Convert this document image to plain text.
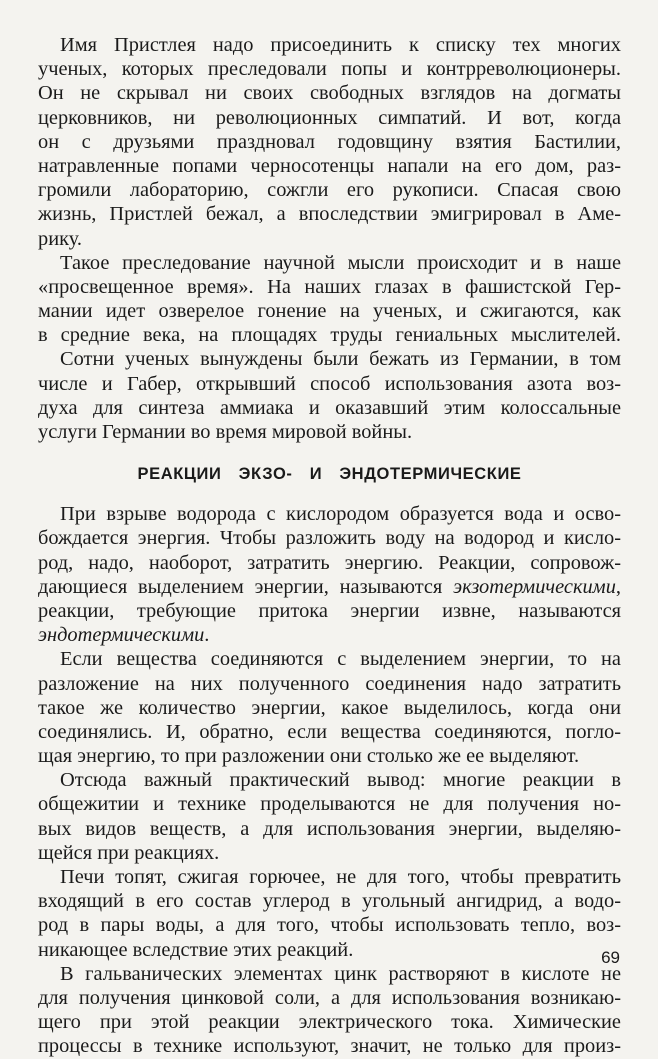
Имя Пристлея надо присоединить к списку тех многих
ученых, которых преследовали попы и контрреволюционеры.
Он не скрывал ни своих свободных взглядов на догматы
церковников, ни революционных симпатий. И вот, когда
он с друзьями праздновал годовщину взятия Бастилии,
натравленные попами черносотенцы напали на его дом, раз-
громили лабораторию, сожгли его рукописи. Спасая свою
жизнь, Пристлей бежал, а впоследствии эмигрировал в Аме-
рику.
Такое преследование научной мысли происходит и в наше
«просвещенное время». На наших глазах в фашистской Гер-
мании идет озверелое гонение на ученых, и сжигаются, как
в средние века, на площадях труды гениальных мыслителей.
Сотни ученых вынуждены были бежать из Германии, в том
числе и Габер, открывший способ использования азота воз-
духа для синтеза аммиака и оказавший этим колоссальные
услуги Германии во время мировой войны.
РЕАКЦИИ ЭКЗО- И ЭНДОТЕРМИЧЕСКИЕ
При взрыве водорода с кислородом образуется вода и осво-
бождается энергия. Чтобы разложить воду на водород и кисло-
род, надо, наоборот, затратить энергию. Реакции, сопровож-
дающиеся выделением энергии, называются экзотермическими,
реакции, требующие притока энергии извне, называются
эндотермическими.
Если вещества соединяются с выделением энергии, то на
разложение на них полученного соединения надо затратить
такое же количество энергии, какое выделилось, когда они
соединялись. И, обратно, если вещества соединяются, погло-
щая энергию, то при разложении они столько же ее выделяют.
Отсюда важный практический вывод: многие реакции в
общежитии и технике проделываются не для получения но-
вых видов веществ, а для использования энергии, выделяю-
щейся при реакциях.
Печи топят, сжигая горючее, не для того, чтобы превратить
входящий в его состав углерод в угольный ангидрид, а водо-
род в пары воды, а для того, чтобы использовать тепло, воз-
никающее вследствие этих реакций.
В гальванических элементах цинк растворяют в кислоте не
для получения цинковой соли, а для использования возникаю-
щего при этой реакции электрического тока. Химические
процессы в технике используют, значит, не только для произ-
69
